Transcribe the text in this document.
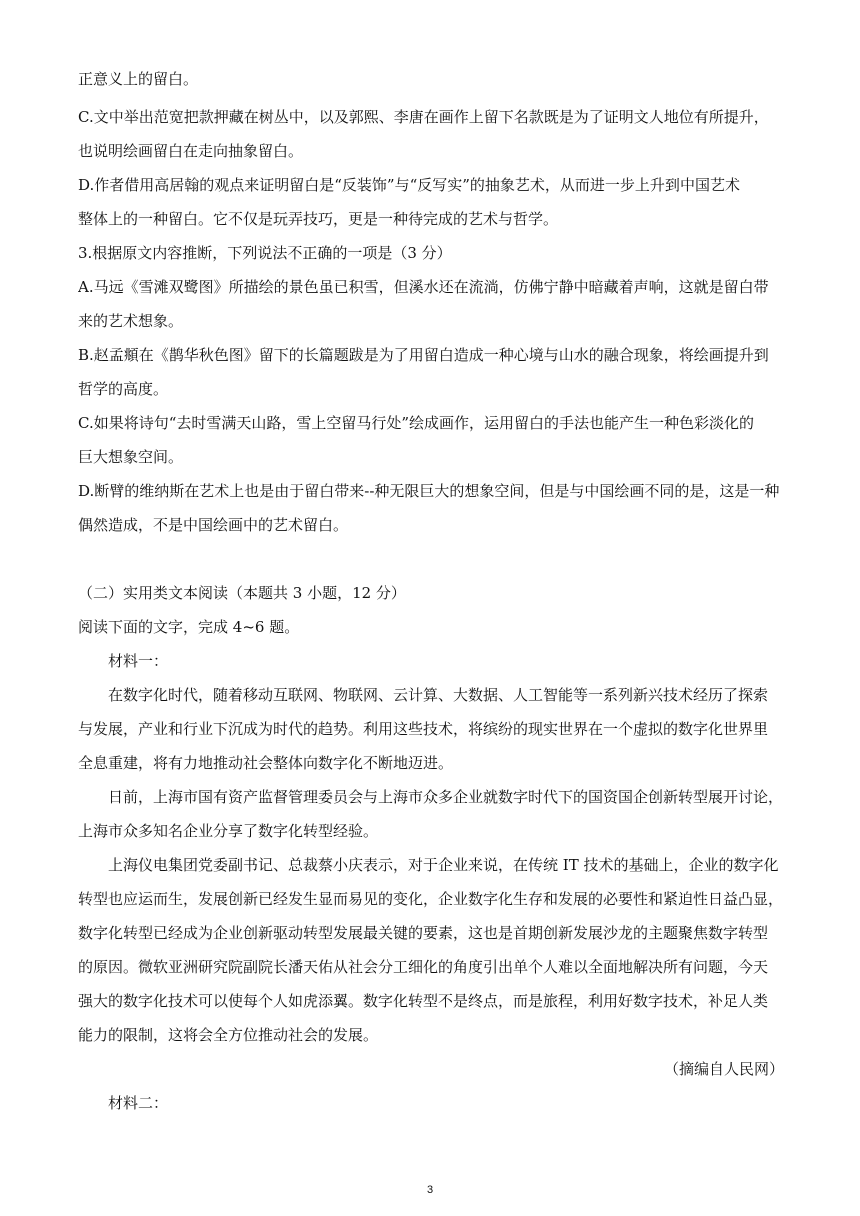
正意义上的留白。
C.文中举出范宽把款押藏在树丛中，以及郭熙、李唐在画作上留下名款既是为了证明文人地位有所提升，
也说明绘画留白在走向抽象留白。
D.作者借用高居翰的观点来证明留白是“反装饰”与“反写实”的抽象艺术，从而进一步上升到中国艺术
整体上的一种留白。它不仅是玩弄技巧，更是一种待完成的艺术与哲学。
3.根据原文内容推断，下列说法不正确的一项是（3 分）
A.马远《雪滩双鹭图》所描绘的景色虽已积雪，但溪水还在流淌，仿佛宁静中暗藏着声响，这就是留白带
来的艺术想象。
B.赵孟頫在《鹊华秋色图》留下的长篇题跋是为了用留白造成一种心境与山水的融合现象，将绘画提升到
哲学的高度。
C.如果将诗句“去时雪满天山路，雪上空留马行处”绘成画作，运用留白的手法也能产生一种色彩淡化的
巨大想象空间。
D.断臂的维纳斯在艺术上也是由于留白带来--种无限巨大的想象空间，但是与中国绘画不同的是，这是一种
偶然造成，不是中国绘画中的艺术留白。
（二）实用类文本阅读（本题共 3 小题，12 分）
阅读下面的文字，完成 4~6 题。
材料一：
在数字化时代，随着移动互联网、物联网、云计算、大数据、人工智能等一系列新兴技术经历了探索
与发展，产业和行业下沉成为时代的趋势。利用这些技术，将缤纷的现实世界在一个虚拟的数字化世界里
全息重建，将有力地推动社会整体向数字化不断地迈进。
日前，上海市国有资产监督管理委员会与上海市众多企业就数字时代下的国资国企创新转型展开讨论，
上海市众多知名企业分享了数字化转型经验。
上海仪电集团党委副书记、总裁蔡小庆表示，对于企业来说，在传统 IT 技术的基础上，企业的数字化
转型也应运而生，发展创新已经发生显而易见的变化，企业数字化生存和发展的必要性和紧迫性日益凸显，
数字化转型已经成为企业创新驱动转型发展最关键的要素，这也是首期创新发展沙龙的主题聚焦数字转型
的原因。微软亚洲研究院副院长潘天佑从社会分工细化的角度引出单个人难以全面地解决所有问题，今天
强大的数字化技术可以使每个人如虎添翼。数字化转型不是终点，而是旅程，利用好数字技术，补足人类
能力的限制，这将会全方位推动社会的发展。
（摘编自人民网）
材料二：
3
